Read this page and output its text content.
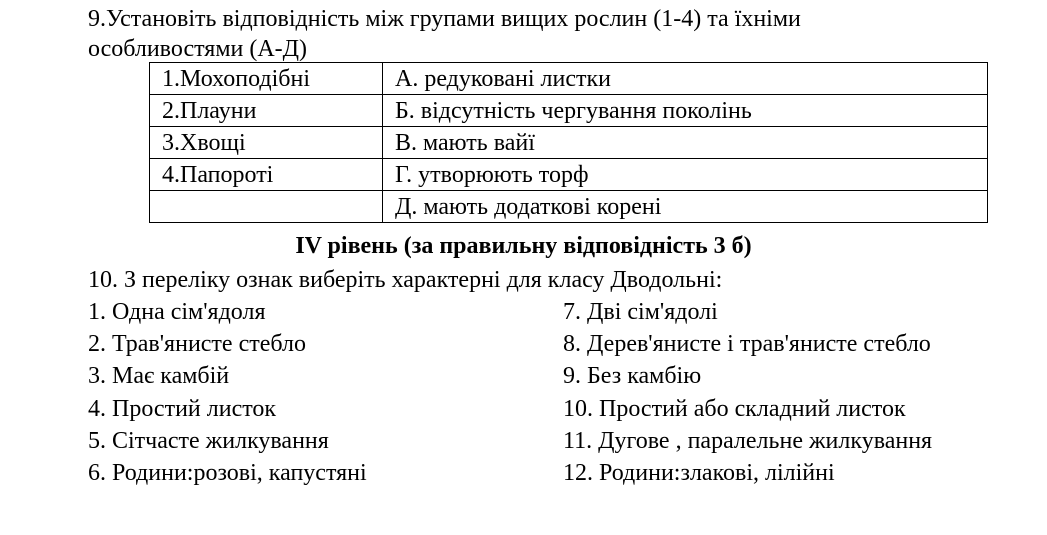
9.Установіть відповідність між групами вищих рослин (1-4) та їхніми
особливостями (А-Д)
1.Мохоподібні	А. редуковані листки
2.Плауни	Б. відсутність чергування поколінь
3.Хвощі	В. мають вайї
4.Папороті	Г. утворюють торф
	Д. мають додаткові корені
IV рівень (за правильну відповідність 3 б)
10. З переліку ознак виберіть характерні для класу Дводольні:
1. Одна сім'ядоля
2. Трав'янисте стебло
3. Має камбій
4. Простий листок
5. Сітчасте жилкування
6. Родини:розові, капустяні
7. Дві сім'ядолі
8. Дерев'янисте і трав'янисте стебло
9. Без камбію
10. Простий або складний листок
11. Дугове , паралельне жилкування
12. Родини:злакові, лілійні
